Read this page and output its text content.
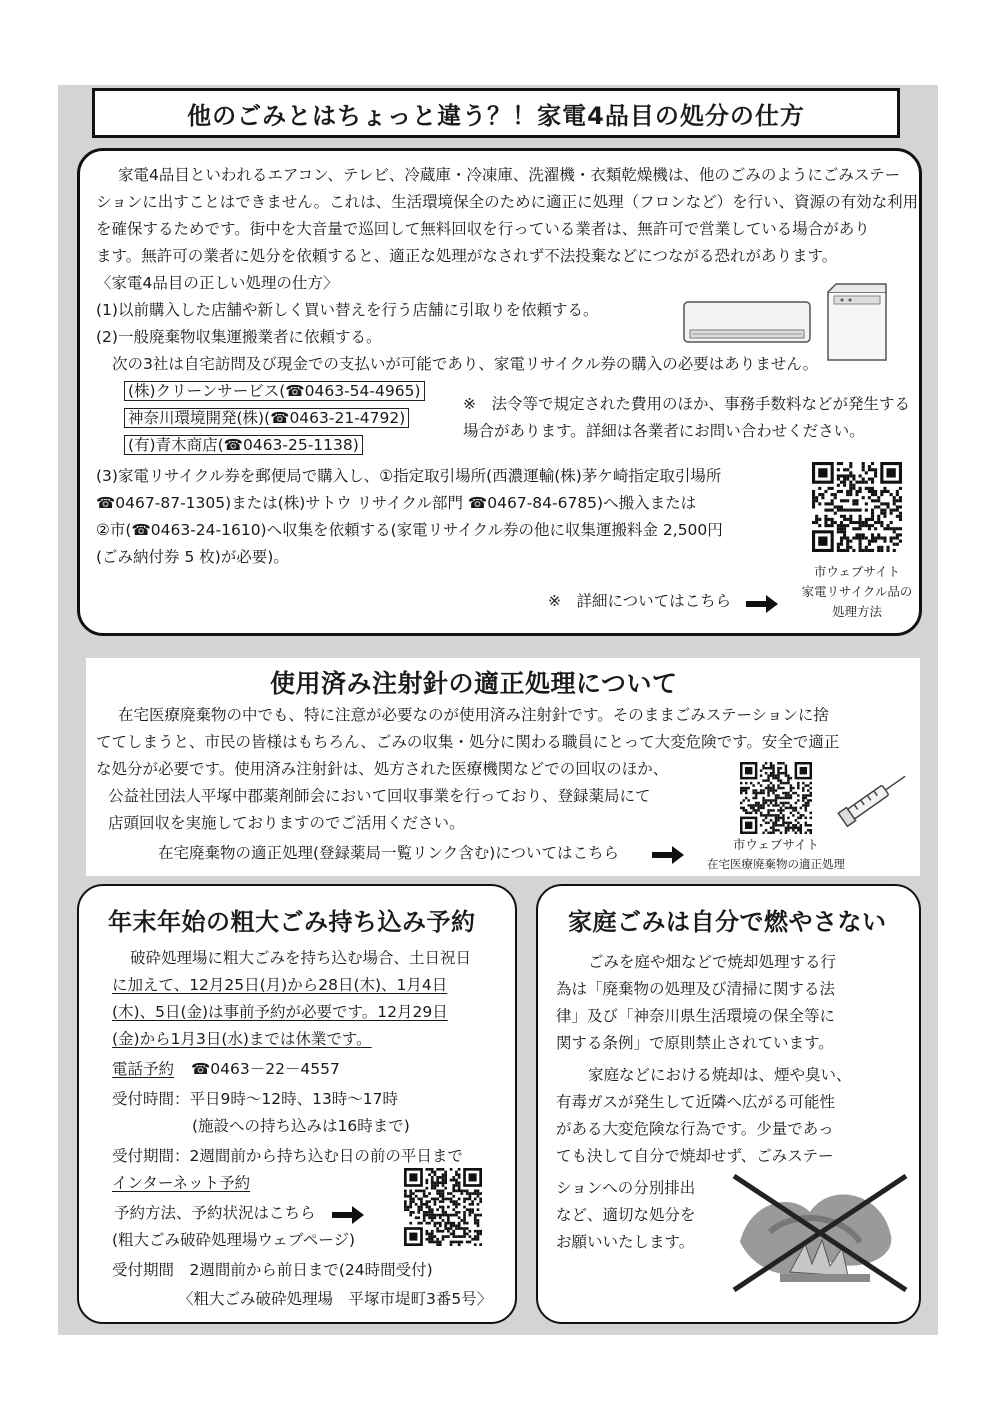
他のごみとはちょっと違う？！家電4品目の処分の仕方
家電4品目といわれるエアコン、テレビ、冷蔵庫・冷凍庫、洗濯機・衣類乾燥機は、他のごみのようにごみステー
ションに出すことはできません。これは、生活環境保全のために適正に処理（フロンなど）を行い、資源の有効な利用
を確保するためです。街中を大音量で巡回して無料回収を行っている業者は、無許可で営業している場合があり
ます。無許可の業者に処分を依頼すると、適正な処理がなされず不法投棄などにつながる恐れがあります。
〈家電4品目の正しい処理の仕方〉
(1)以前購入した店舗や新しく買い替えを行う店舗に引取りを依頼する。
(2)一般廃棄物収集運搬業者に依頼する。
次の3社は自宅訪問及び現金での支払いが可能であり、家電リサイクル券の購入の必要はありません。
(株)クリーンサービス(☎0463-54-4965)
神奈川環境開発(株)(☎0463-21-4792)
(有)青木商店(☎0463-25-1138)
※　法令等で規定された費用のほか、事務手数料などが発生する
場合があります。詳細は各業者にお問い合わせください。
(3)家電リサイクル券を郵便局で購入し、①指定取引場所(西濃運輸(株)茅ケ崎指定取引場所
☎0467-87-1305)または(株)サトウ リサイクル部門 ☎0467-84-6785)へ搬入または
②市(☎0463-24-1610)へ収集を依頼する(家電リサイクル券の他に収集運搬料金 2,500円
(ごみ納付券 5 枚)が必要)。
※　詳細についてはこちら
市ウェブサイト
家電リサイクル品の
処理方法
使用済み注射針の適正処理について
在宅医療廃棄物の中でも、特に注意が必要なのが使用済み注射針です。そのままごみステーションに捨
ててしまうと、市民の皆様はもちろん、ごみの収集・処分に関わる職員にとって大変危険です。安全で適正
な処分が必要です。使用済み注射針は、処方された医療機関などでの回収のほか、
公益社団法人平塚中郡薬剤師会において回収事業を行っており、登録薬局にて
店頭回収を実施しておりますのでご活用ください。
在宅廃棄物の適正処理(登録薬局一覧リンク含む)についてはこちら	市ウェブサイト
在宅医療廃棄物の適正処理
年末年始の粗大ごみ持ち込み予約
破砕処理場に粗大ごみを持ち込む場合、土日祝日
に加えて、12月25日(月)から28日(木)、1月4日
(木)、5日(金)は事前予約が必要です。12月29日
(金)から1月3日(水)までは休業です。
電話予約 ☎0463－22－4557
受付時間：平日9時～12時、13時～17時
(施設への持ち込みは16時まで)
受付期間：2週間前から持ち込む日の前の平日まで
インターネット予約
予約方法、予約状況はこちら
(粗大ごみ破砕処理場ウェブページ)
受付期間　2週間前から前日まで(24時間受付)
〈粗大ごみ破砕処理場　平塚市堤町3番5号〉
家庭ごみは自分で燃やさない
ごみを庭や畑などで焼却処理する行
為は「廃棄物の処理及び清掃に関する法
律」及び「神奈川県生活環境の保全等に
関する条例」で原則禁止されています。
家庭などにおける焼却は、煙や臭い、
有毒ガスが発生して近隣へ広がる可能性
がある大変危険な行為です。少量であっ
ても決して自分で焼却せず、ごみステー
ションへの分別排出
など、適切な処分を
お願いいたします。
